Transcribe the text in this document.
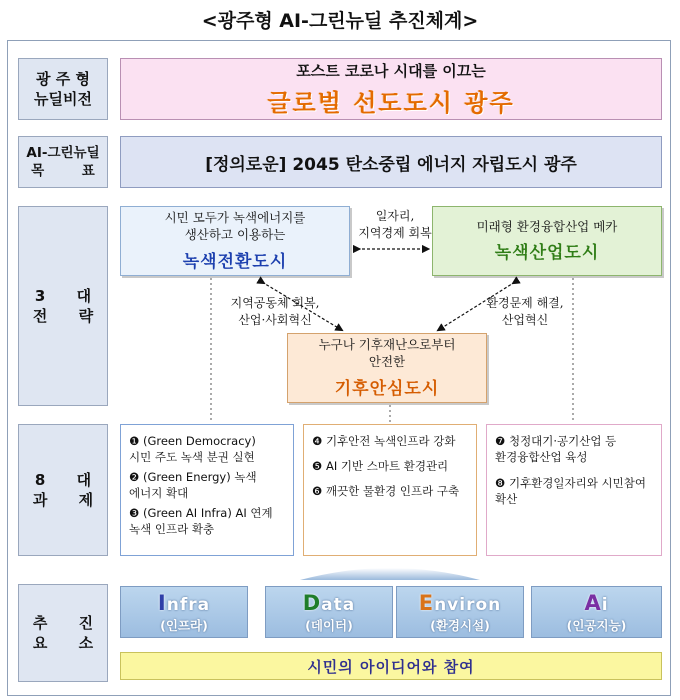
<광주형 AI-그린뉴딜 추진체계>
광 주 형
뉴딜비전
포스트 코로나 시대를 이끄는
글로벌 선도도시 광주
AI-그린뉴딜
목        표	[정의로운] 2045 탄소중립 에너지 자립도시 광주
3      대
전      략
시민 모두가 녹색에너지를
생산하고 이용하는
녹색전환도시
미래형 환경융합산업 메카
녹색산업도시
누구나 기후재난으로부터
안전한
기후안심도시
일자리,
지역경제 회복
지역공동체 회복,
산업·사회혁신
환경문제 해결,
산업혁신
8      대
과      제
❶ (Green Democracy)
시민 주도 녹색 분권 실현
❷ (Green Energy) 녹색
에너지 확대
❸ (Green AI Infra) AI 연계
녹색 인프라 확충
❹ 기후안전 녹색인프라 강화
❺ AI 기반 스마트 환경관리
❻ 깨끗한 물환경 인프라 구축
❼ 청정대기·공기산업 등
환경융합산업 육성
❽ 기후환경일자리와 시민참여 확산
추      진
요      소
Infra
(인프라)
Data
(데이터)
Environ
(환경시설)
Ai
(인공지능)
시민의 아이디어와 참여
